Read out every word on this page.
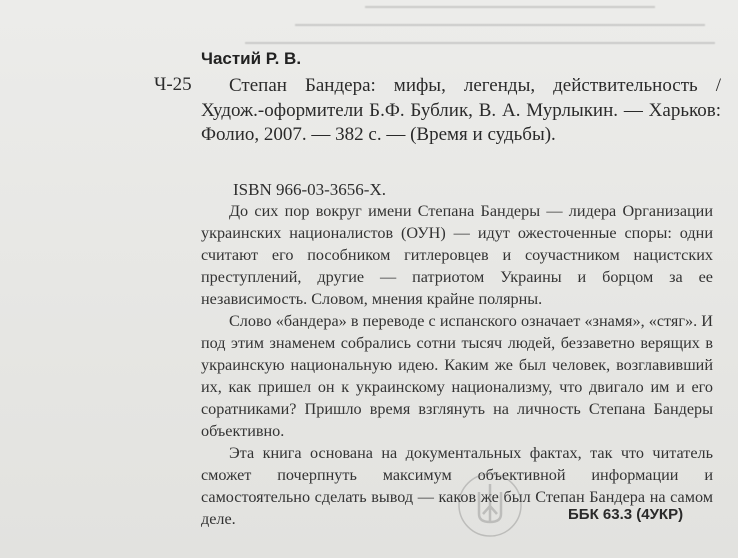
Частий Р. В.
Ч-25	Степан Бандера: мифы, легенды, действительность / Худож.-оформители Б.Ф. Бублик, В. А. Мурлыкин. — Харьков: Фолио, 2007. — 382 с. — (Время и судьбы).
ISBN 966-03-3656-X.

До сих пор вокруг имени Степана Бандеры — лидера Организации украинских националистов (ОУН) — идут ожесточенные споры: одни считают его пособником гитлеровцев и соучастником нацистских преступлений, другие — патриотом Украины и борцом за ее независимость. Словом, мнения крайне полярны.

Слово «бандера» в переводе с испанского означает «знамя», «стяг». И под этим знаменем собрались сотни тысяч людей, беззаветно верящих в украинскую национальную идею. Каким же был человек, возглавивший их, как пришел он к украинскому национализму, что двигало им и его соратниками? Пришло время взглянуть на личность Степана Бандеры объективно.

Эта книга основана на документальных фактах, так что читатель сможет почерпнуть максимум объективной информации и самостоятельно сделать вывод — каков же был Степан Бандера на самом деле.	ББК 63.3 (4УКР)
